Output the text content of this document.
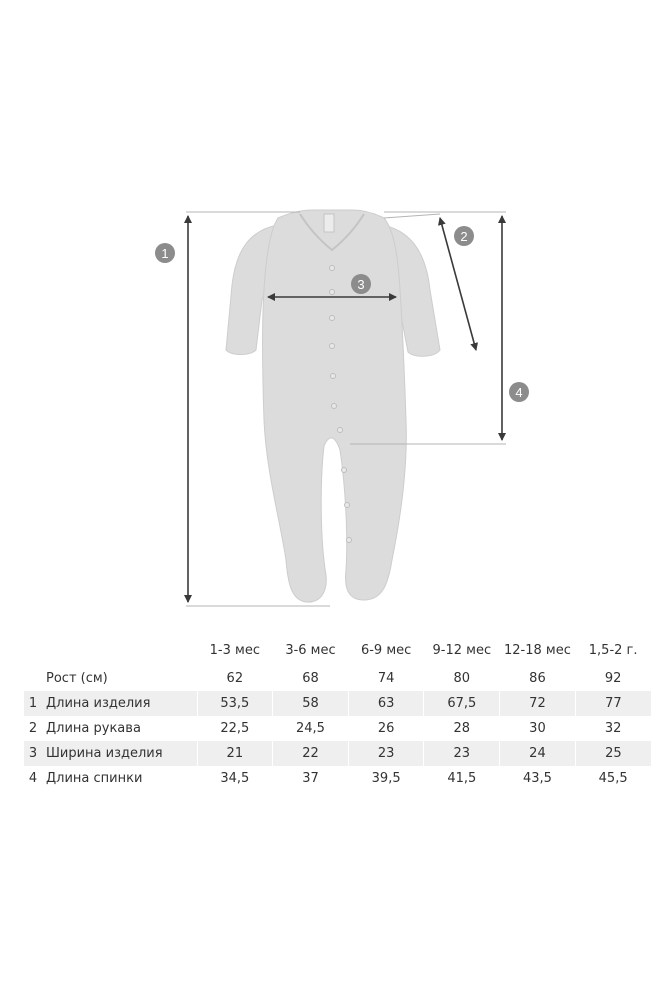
1
2
3
4
		1-3 мес	3-6 мес	6-9 мес	9-12 мес	12-18 мес	1,5-2 г.
	Рост (см)	62	68	74	80	86	92
1	Длина изделия	53,5	58	63	67,5	72	77
2	Длина рукава	22,5	24,5	26	28	30	32
3	Ширина изделия	21	22	23	23	24	25
4	Длина спинки	34,5	37	39,5	41,5	43,5	45,5
